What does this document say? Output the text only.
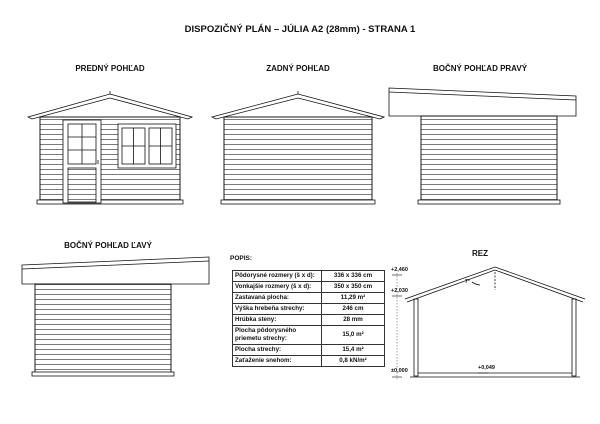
DISPOZIČNÝ PLÁN – JÚLIA A2 (28mm) - STRANA 1
PREDNÝ POHĽAD	ZADNÝ POHĽAD	BOČNÝ POHĽAD PRAVÝ
BOČNÝ POHĽAD ĽAVÝ
REZ
POPIS:
Pôdorysné rozmery (š x d):	336 x 336 cm
Vonkajšie rozmery (š x d):	350 x 350 cm
Zastavaná plocha:	11,29 m²
Výška hrebeňa strechy:	246 cm
Hrúbka steny:	28 mm
Plocha pôdorysného priemetu strechy:	15,0 m²
Plocha strechy:	15,4 m²
Zaťaženie snehom:	0,8 kN/m²
+2,460
+2,030
±0,000	+0,049
7°
